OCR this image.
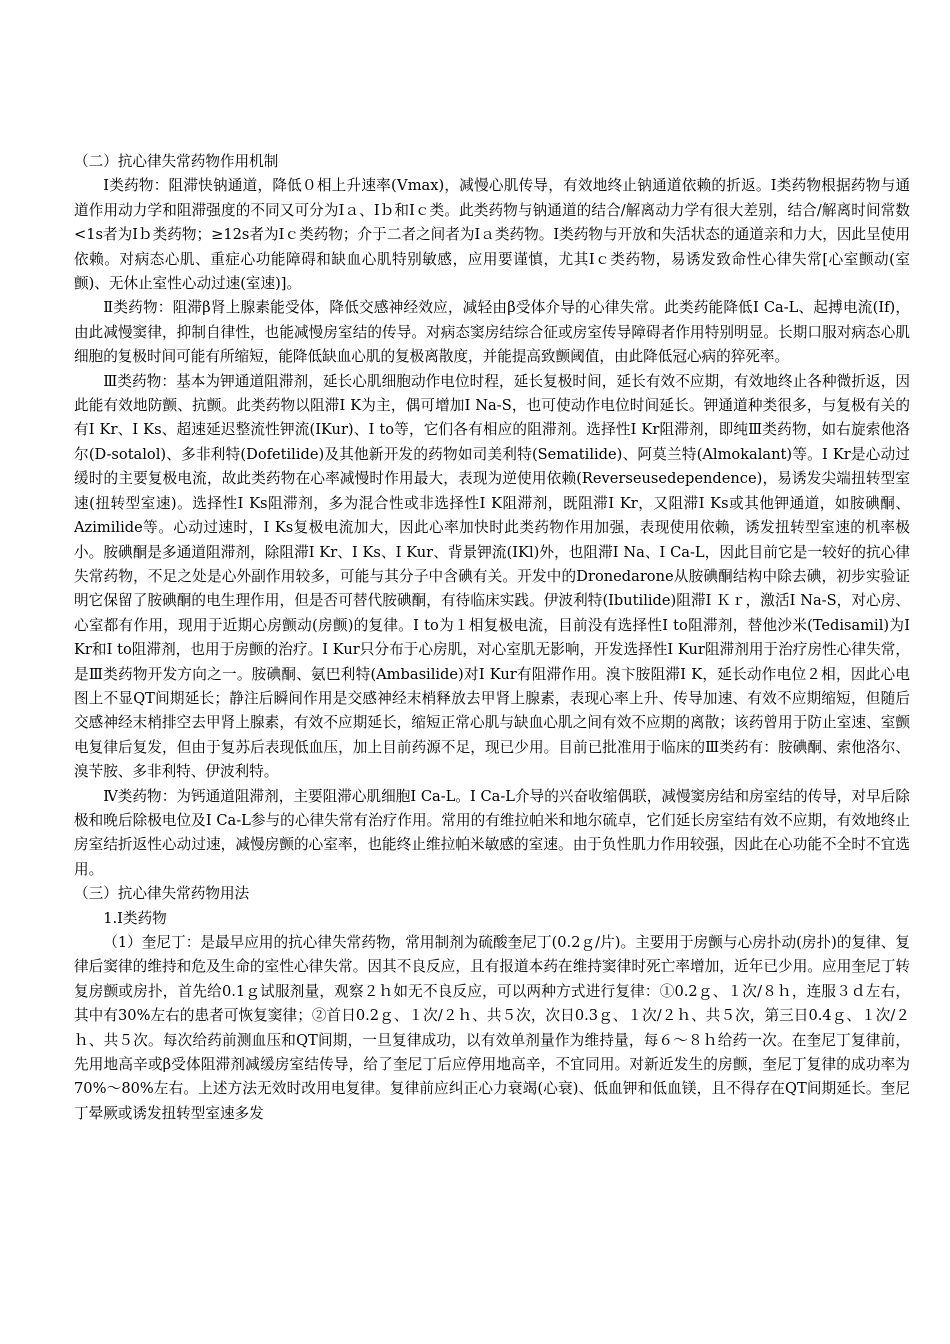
（二）抗心律失常药物作用机制

Ⅰ类药物：阻滞快钠通道，降低０相上升速率(Ⅴmax)，减慢心肌传导，有效地终止钠通道依赖的折返。Ⅰ类药物根据药物与通道作用动力学和阻滞强度的不同又可分为Ⅰａ、Ⅰｂ和Ⅰｃ类。此类药物与钠通道的结合/解离动力学有很大差别，结合/解离时间常数<1s者为Ⅰｂ类药物；≥12s者为Ⅰｃ类药物；介于二者之间者为Ⅰａ类药物。Ⅰ类药物与开放和失活状态的通道亲和力大，因此呈使用依赖。对病态心肌、重症心功能障碍和缺血心肌特别敏感，应用要谨慎，尤其Ⅰｃ类药物，易诱发致命性心律失常[心室颤动(室颤)、无休止室性心动过速(室速)]。

Ⅱ类药物：阻滞β肾上腺素能受体，降低交感神经效应，减轻由β受体介导的心律失常。此类药能降低Ⅰ Ca-L、起搏电流(If)，由此减慢窦律，抑制自律性，也能减慢房室结的传导。对病态窦房结综合征或房室传导障碍者作用特别明显。长期口服对病态心肌细胞的复极时间可能有所缩短，能降低缺血心肌的复极离散度，并能提高致颤阈值，由此降低冠心病的猝死率。

Ⅲ类药物：基本为钾通道阻滞剂，延长心肌细胞动作电位时程，延长复极时间，延长有效不应期，有效地终止各种微折返，因此能有效地防颤、抗颤。此类药物以阻滞Ⅰ K为主，偶可增加Ⅰ Na-S，也可使动作电位时间延长。钾通道种类很多，与复极有关的有Ⅰ Kr、Ⅰ Ks、超速延迟整流性钾流(IKur)、Ⅰ to等，它们各有相应的阻滞剂。选择性Ⅰ Kr阻滞剂，即纯Ⅲ类药物，如右旋索他洛尔(D-sotalol)、多非利特(Dofetilide)及其他新开发的药物如司美利特(Sematilide)、阿莫兰特(Almokalant)等。Ⅰ Kr是心动过缓时的主要复极电流，故此类药物在心率减慢时作用最大，表现为逆使用依赖(Reverseusedependence)，易诱发尖端扭转型室速(扭转型室速)。选择性Ⅰ Ks阻滞剂，多为混合性或非选择性Ⅰ K阻滞剂，既阻滞Ⅰ Kr，又阻滞Ⅰ Ks或其他钾通道，如胺碘酮、Azimilide等。心动过速时，Ⅰ Ks复极电流加大，因此心率加快时此类药物作用加强，表现使用依赖，诱发扭转型室速的机率极小。胺碘酮是多通道阻滞剂，除阻滞Ⅰ Kr、Ⅰ Ks、Ⅰ Kur、背景钾流(IKl)外，也阻滞Ⅰ Na、Ⅰ Ca-L，因此目前它是一较好的抗心律失常药物，不足之处是心外副作用较多，可能与其分子中含碘有关。开发中的Dronedarone从胺碘酮结构中除去碘，初步实验证明它保留了胺碘酮的电生理作用，但是否可替代胺碘酮，有待临床实践。伊波利特(Ibutilide)阻滞Ⅰ Ｋｒ，激活Ⅰ Na-S，对心房、心室都有作用，现用于近期心房颤动(房颤)的复律。Ⅰ to为１相复极电流，目前没有选择性Ⅰ to阻滞剂，替他沙米(Tedisamil)为Ⅰ Kr和Ⅰ to阻滞剂，也用于房颤的治疗。Ⅰ Kur只分布于心房肌，对心室肌无影响，开发选择性Ⅰ Kur阻滞剂用于治疗房性心律失常，是Ⅲ类药物开发方向之一。胺碘酮、氨巴利特(Ambasilide)对Ⅰ Kur有阻滞作用。溴卞胺阻滞Ⅰ K，延长动作电位２相，因此心电图上不显QT间期延长；静注后瞬间作用是交感神经末梢释放去甲肾上腺素，表现心率上升、传导加速、有效不应期缩短，但随后交感神经末梢排空去甲肾上腺素，有效不应期延长，缩短正常心肌与缺血心肌之间有效不应期的离散；该药曾用于防止室速、室颤电复律后复发，但由于复苏后表现低血压，加上目前药源不足，现已少用。目前已批准用于临床的Ⅲ类药有：胺碘酮、索他洛尔、溴苄胺、多非利特、伊波利特。

Ⅳ类药物：为钙通道阻滞剂，主要阻滞心肌细胞Ⅰ Ca-L。Ⅰ Ca-L介导的兴奋收缩偶联，减慢窦房结和房室结的传导，对早后除极和晚后除极电位及Ⅰ Ca-L参与的心律失常有治疗作用。常用的有维拉帕米和地尔硫卓，它们延长房室结有效不应期，有效地终止房室结折返性心动过速，减慢房颤的心室率，也能终止维拉帕米敏感的室速。由于负性肌力作用较强，因此在心功能不全时不宜选用。

（三）抗心律失常药物用法

1.Ⅰ类药物

（1）奎尼丁：是最早应用的抗心律失常药物，常用制剂为硫酸奎尼丁(0.2ｇ/片)。主要用于房颤与心房扑动(房扑)的复律、复律后窦律的维持和危及生命的室性心律失常。因其不良反应，且有报道本药在维持窦律时死亡率增加，近年已少用。应用奎尼丁转复房颤或房扑，首先给0.1ｇ试服剂量，观察２ｈ如无不良反应，可以两种方式进行复律：①0.2ｇ、１次/８ｈ，连服３ｄ左右，其中有30%左右的患者可恢复窦律；②首日0.2ｇ、１次/２ｈ、共５次，次日0.3ｇ、１次/２ｈ、共５次，第三日0.4ｇ、１次/２ｈ、共５次。每次给药前测血压和QT间期，一旦复律成功，以有效单剂量作为维持量，每６～８ｈ给药一次。在奎尼丁复律前，先用地高辛或β受体阻滞剂减缓房室结传导，给了奎尼丁后应停用地高辛，不宜同用。对新近发生的房颤，奎尼丁复律的成功率为70%～80%左右。上述方法无效时改用电复律。复律前应纠正心力衰竭(心衰)、低血钾和低血镁，且不得存在QT间期延长。奎尼丁晕厥或诱发扭转型室速多发
